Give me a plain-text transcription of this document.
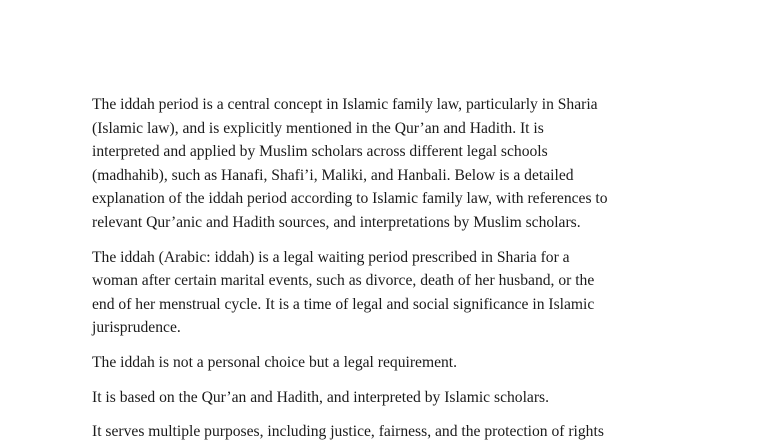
The iddah period is a central concept in Islamic family law, particularly in Sharia
(Islamic law), and is explicitly mentioned in the Qur’an and Hadith. It is
interpreted and applied by Muslim scholars across different legal schools
(madhahib), such as Hanafi, Shafi’i, Maliki, and Hanbali. Below is a detailed
explanation of the iddah period according to Islamic family law, with references to
relevant Qur’anic and Hadith sources, and interpretations by Muslim scholars.

The iddah (Arabic: iddah) is a legal waiting period prescribed in Sharia for a
woman after certain marital events, such as divorce, death of her husband, or the
end of her menstrual cycle. It is a time of legal and social significance in Islamic
jurisprudence.

The iddah is not a personal choice but a legal requirement.

It is based on the Qur’an and Hadith, and interpreted by Islamic scholars.

It serves multiple purposes, including justice, fairness, and the protection of rights
